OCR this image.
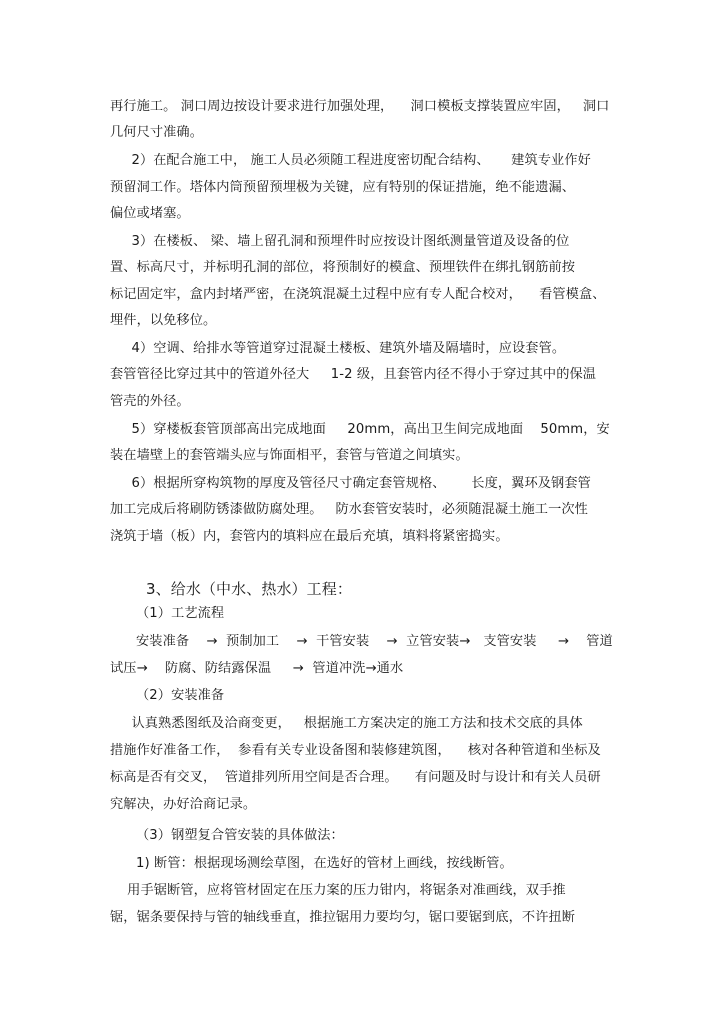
再行施工。 洞口周边按设计要求进行加强处理，    洞口模板支撑装置应牢固，   洞口
几何尺寸准确。
2）在配合施工中， 施工人员必须随工程进度密切配合结构、     建筑专业作好
预留洞工作。塔体内筒预留预埋极为关键，应有特别的保证措施，绝不能遗漏、
偏位或堵塞。
3）在楼板、 梁、墙上留孔洞和预埋件时应按设计图纸测量管道及设备的位
置、标高尺寸，并标明孔洞的部位，将预制好的模盒、预埋铁件在绑扎钢筋前按
标记固定牢，盒内封堵严密，在浇筑混凝土过程中应有专人配合校对，    看管模盒、
埋件，以免移位。
4）空调、给排水等管道穿过混凝土楼板、建筑外墙及隔墙时，应设套管。
套管管径比穿过其中的管道外径大     1-2 级，且套管内径不得小于穿过其中的保温
管壳的外径。
5）穿楼板套管顶部高出完成地面     20mm，高出卫生间完成地面    50mm，安
装在墙壁上的套管端头应与饰面相平，套管与管道之间填实。
6）根据所穿构筑物的厚度及管径尺寸确定套管规格、      长度，翼环及钢套管
加工完成后将刷防锈漆做防腐处理。   防水套管安装时，必须随混凝土施工一次性
浇筑于墙（板）内，套管内的填料应在最后充填，填料将紧密捣实。
3、给水（中水、热水）工程：
（1）工艺流程
安装准备    →  预制加工    →  干管安装    →  立管安装→   支管安装     →    管道
试压→    防腐、防结露保温     →  管道冲洗→通水
（2）安装准备
认真熟悉图纸及洽商变更，   根据施工方案决定的施工方法和技术交底的具体
措施作好准备工作，  参看有关专业设备图和装修建筑图，    核对各种管道和坐标及
标高是否有交叉，  管道排列所用空间是否合理。    有问题及时与设计和有关人员研
究解决，办好洽商记录。
（3）钢塑复合管安装的具体做法：
1) 断管：根据现场测绘草图，在选好的管材上画线，按线断管。
用手锯断管，应将管材固定在压力案的压力钳内，将锯条对准画线，双手推
锯，锯条要保持与管的轴线垂直，推拉锯用力要均匀，锯口要锯到底，不许扭断
